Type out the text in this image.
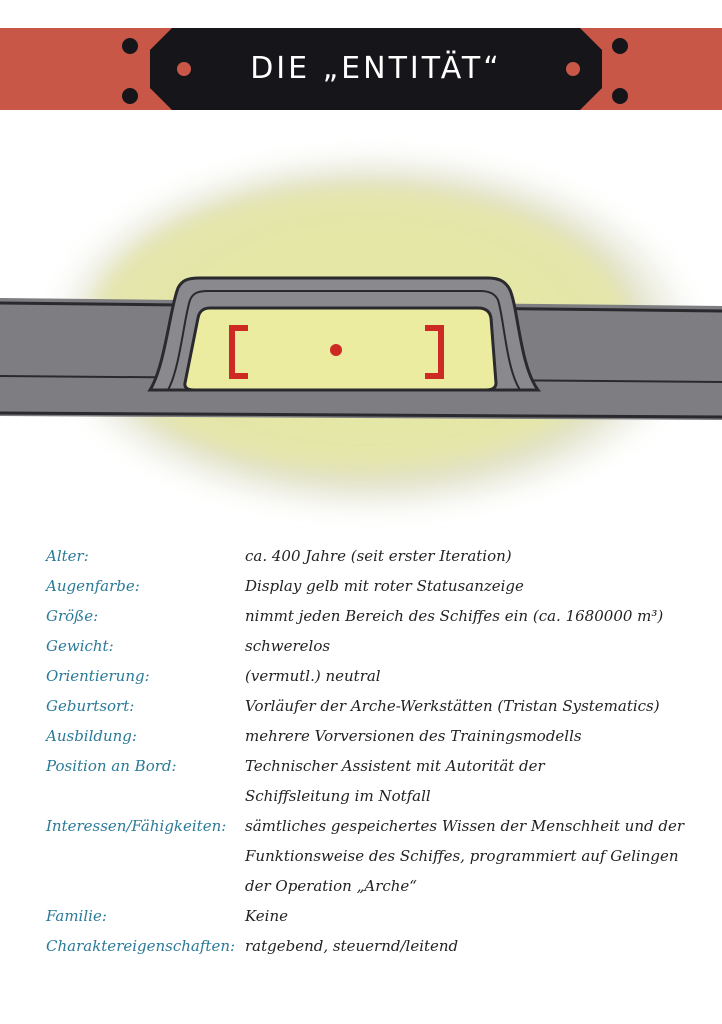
DIE „ENTITÄT“
Alter:	ca. 400 Jahre (seit erster Iteration)
Augenfarbe:	Display gelb mit roter Statusanzeige
Größe:	nimmt jeden Bereich des Schiffes ein (ca. 1680000 m³)
Gewicht:	schwerelos
Orientierung:	(vermutl.) neutral
Geburtsort:	Vorläufer der Arche-Werkstätten (Tristan Systematics)
Ausbildung:	mehrere Vorversionen des Trainingsmodells
Position an Bord:	Technischer Assistent mit Autorität der
Schiffsleitung im Notfall
Interessen/Fähigkeiten:	sämtliches gespeichertes Wissen der Menschheit und der
Funktionsweise des Schiffes, programmiert auf Gelingen
der Operation „Arche“
Familie:	Keine
Charaktereigenschaften: ratgebend, steuernd/leitend
